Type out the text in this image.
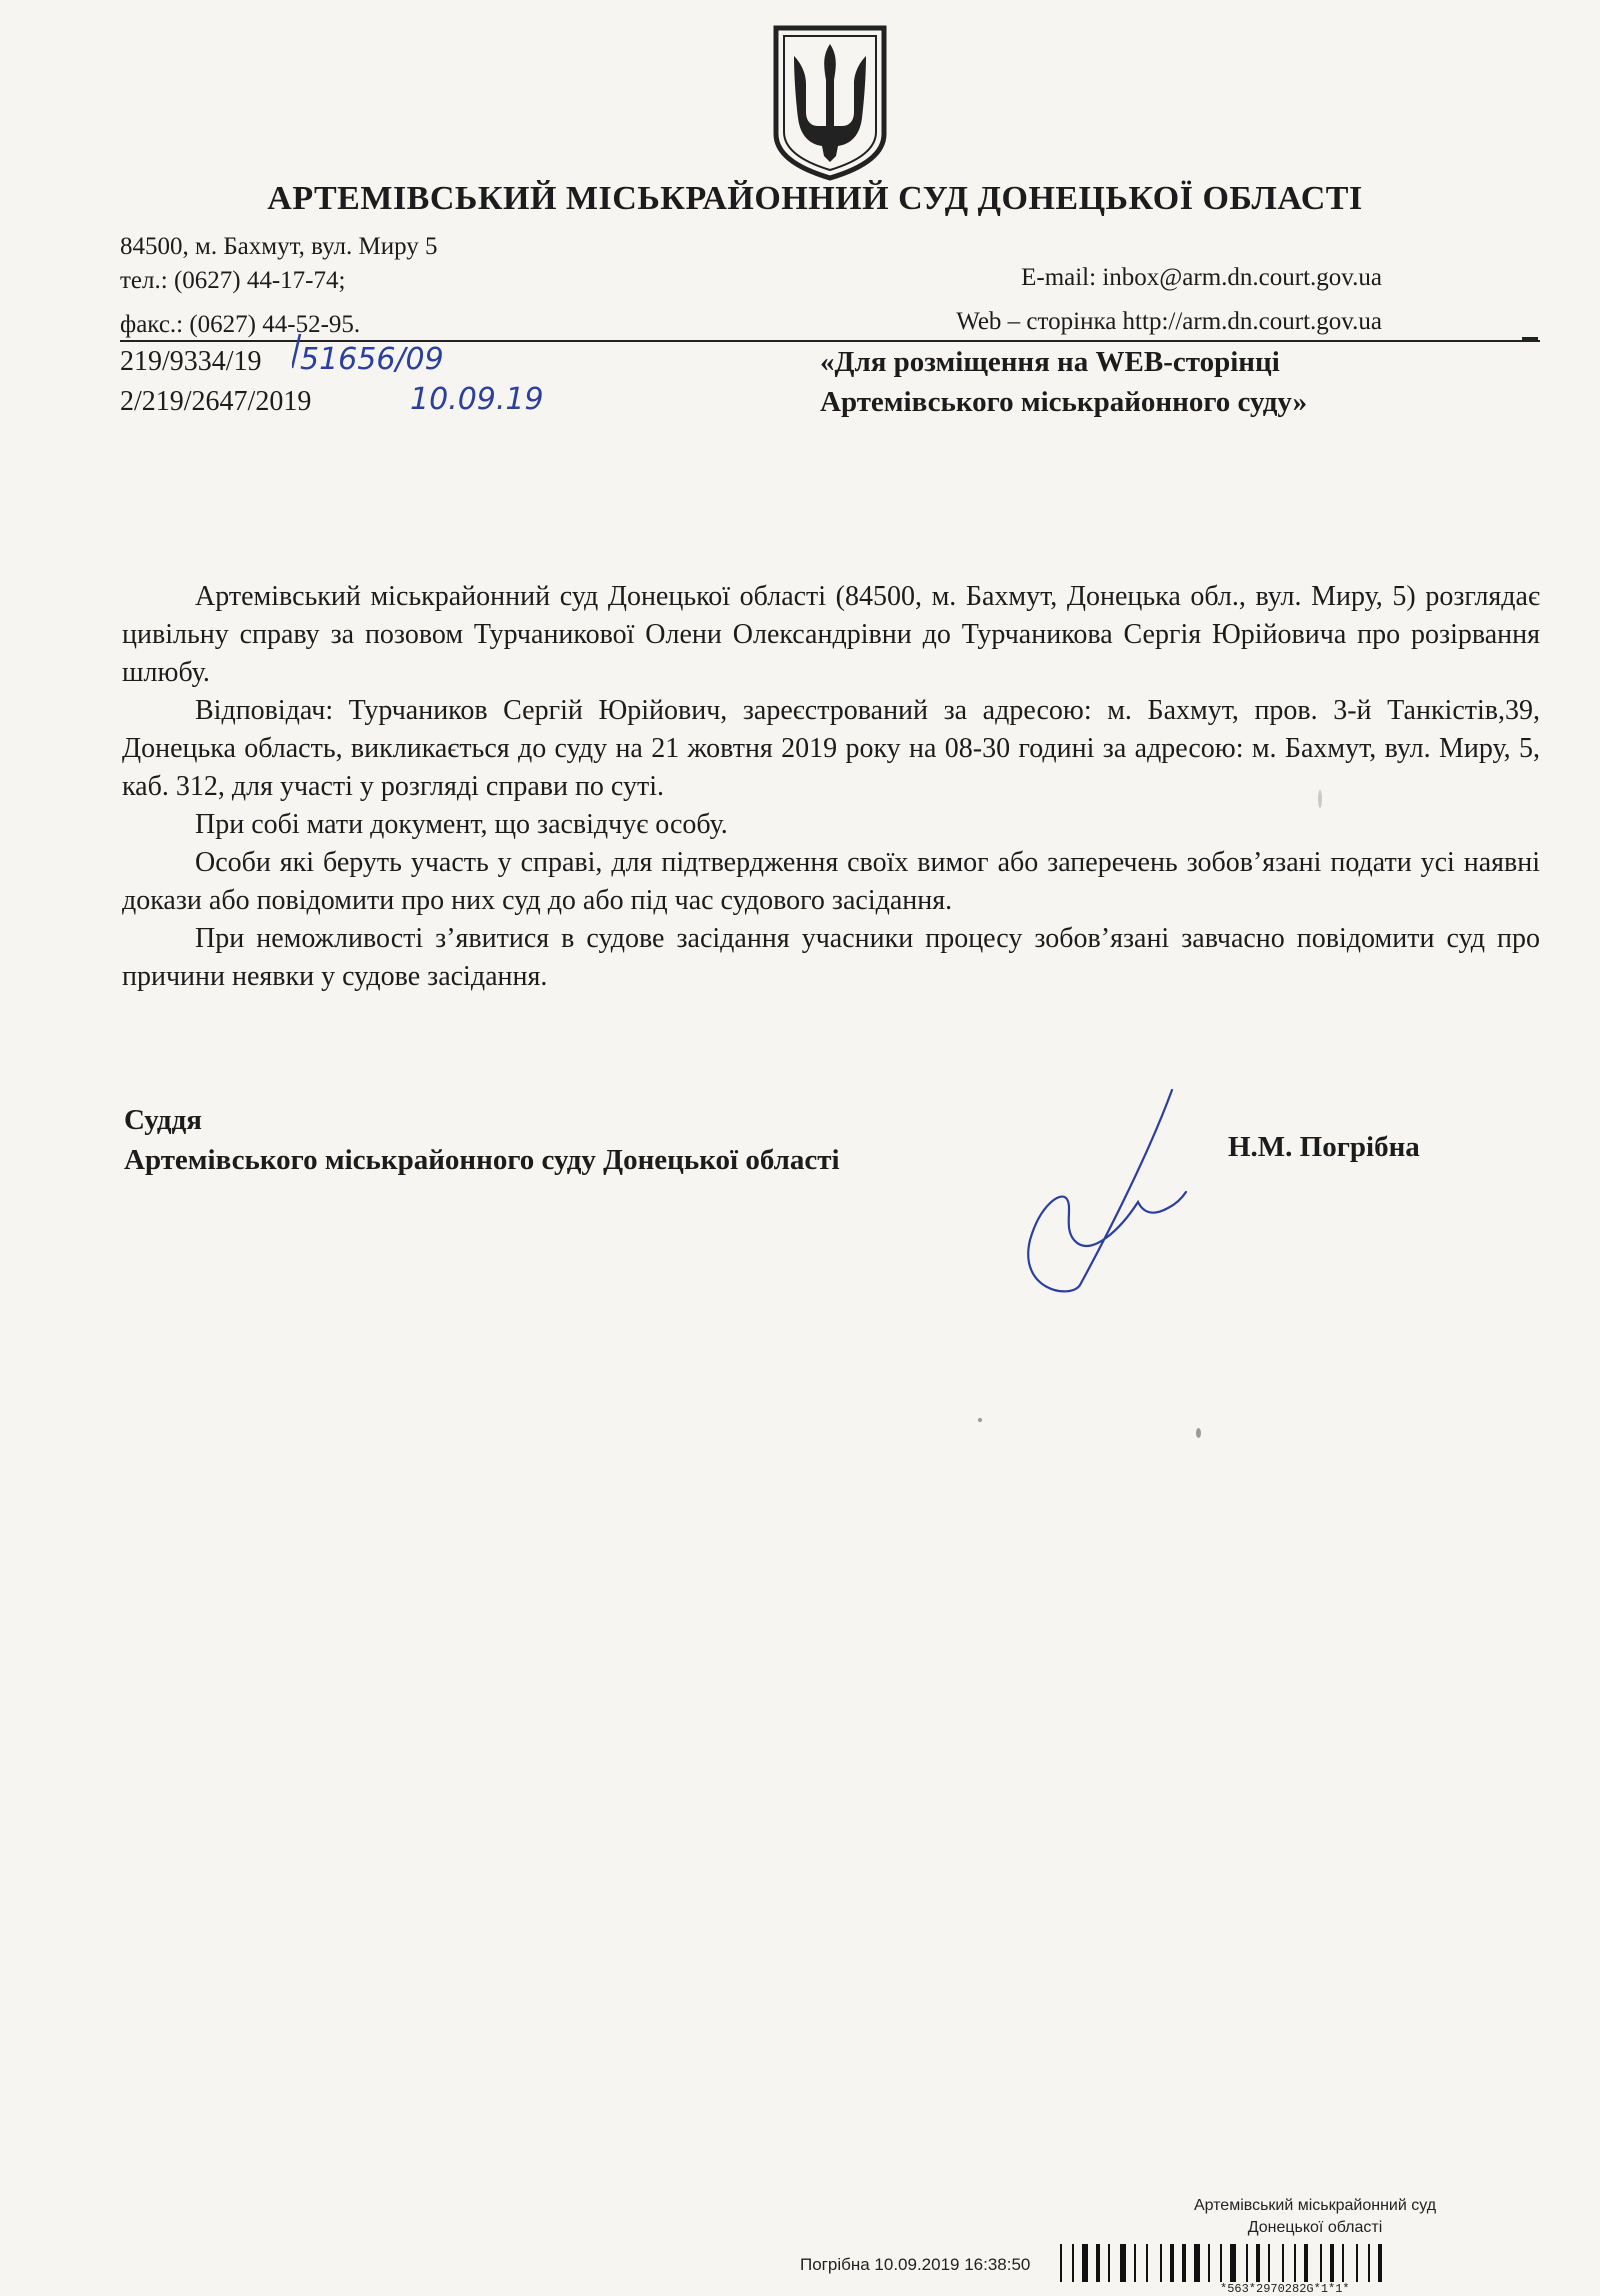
АРТЕМІВСЬКИЙ МІСЬКРАЙОННИЙ СУД ДОНЕЦЬКОЇ ОБЛАСТІ
84500, м. Бахмут, вул. Миру 5
тел.: (0627) 44-17-74;
факс.: (0627) 44-52-95.
E-mail: inbox@arm.dn.court.gov.ua
Web – сторінка http://arm.dn.court.gov.ua
219/9334/19
2/219/2647/2019
51656/09
10.09.19
«Для розміщення на WEB-сторінці
Артемівського міськрайонного суду»

Артемівський міськрайонний суд Донецької області (84500, м. Бахмут, Донецька обл., вул. Миру, 5) розглядає цивільну справу за позовом Турчаникової Олени Олександрівни до Турчаникова Сергія Юрійовича про розірвання шлюбу.

Відповідач: Турчаников Сергій Юрійович, зареєстрований за адресою: м. Бахмут, пров. 3-й Танкістів,39, Донецька область, викликається до суду на 21 жовтня 2019 року на 08-30 годині за адресою: м. Бахмут, вул. Миру, 5, каб. 312, для участі у розгляді справи по суті.

При собі мати документ, що засвідчує особу.

Особи які беруть участь у справі, для підтвердження своїх вимог або заперечень зобов’язані подати усі наявні докази або повідомити про них суд до або під час судового засідання.

При неможливості з’явитися в судове засідання учасники процесу зобов’язані завчасно повідомити суд про причини неявки у судове засідання.

Суддя
Артемівського міськрайонного суду Донецької області	Н.М. Погрібна
Артемівський міськрайонний суд
Донецької області
Погрібна 10.09.2019 16:38:50
*563*2970282G*1*1*
